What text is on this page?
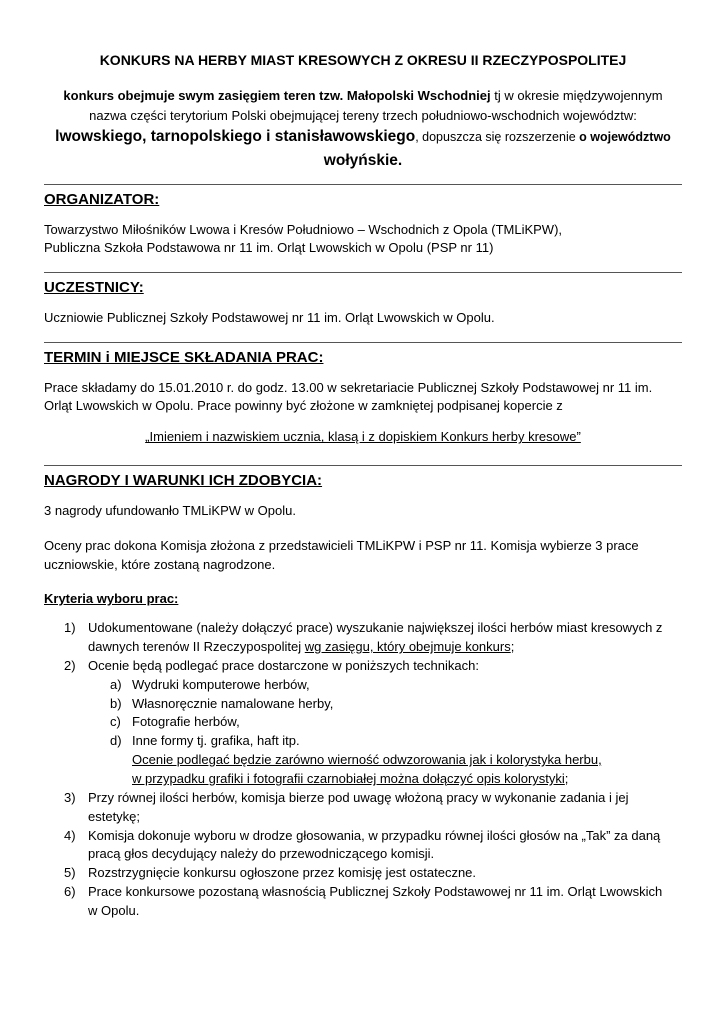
KONKURS NA HERBY MIAST KRESOWYCH Z OKRESU II RZECZYPOSPOLITEJ
konkurs obejmuje swym zasięgiem teren tzw. Małopolski Wschodniej tj w okresie międzywojennym
nazwa części terytorium Polski obejmującej tereny trzech południowo-wschodnich województw:
lwowskiego, tarnopolskiego i stanisławowskiego, dopuszcza się rozszerzenie o województwo
wołyńskie.
ORGANIZATOR:

Towarzystwo Miłośników Lwowa i Kresów Południowo – Wschodnich z Opola (TMLiKPW),

Publiczna Szkoła Podstawowa nr 11 im. Orląt Lwowskich w Opolu (PSP nr 11)

UCZESTNICY:

Uczniowie Publicznej Szkoły Podstawowej nr 11 im. Orląt Lwowskich w Opolu.

TERMIN i MIEJSCE SKŁADANIA PRAC:

Prace składamy do 15.01.2010 r. do godz. 13.00 w sekretariacie Publicznej Szkoły Podstawowej nr 11 im.

Orląt Lwowskich w Opolu. Prace powinny być złożone w zamkniętej podpisanej kopercie z

„Imieniem i nazwiskiem ucznia, klasą i z dopiskiem Konkurs herby kresowe”
NAGRODY I WARUNKI ICH ZDOBYCIA:

3 nagrody ufundowanło TMLiKPW w Opolu.

Oceny prac dokona Komisja złożona z przedstawicieli TMLiKPW i PSP nr 11. Komisja wybierze 3 prace

uczniowskie, które zostaną nagrodzone.

Kryteria wyboru prac:
1) Udokumentowane (należy dołączyć prace) wyszukanie największej ilości herbów miast kresowych z
dawnych terenów II Rzeczypospolitej wg zasięgu, który obejmuje konkurs;
2) Ocenie będą podlegać prace dostarczone w poniższych technikach:
a) Wydruki komputerowe herbów,
b) Własnoręcznie namalowane herby,
c) Fotografie herbów,
d) Inne formy tj. grafika, haft itp.
Ocenie podlegać będzie zarówno wierność odwzorowania jak i kolorystyka herbu,
w przypadku grafiki i fotografii czarnobiałej można dołączyć opis kolorystyki;
3) Przy równej ilości herbów, komisja bierze pod uwagę włożoną pracy w wykonanie zadania i jej
estetykę;
4) Komisja dokonuje wyboru w drodze głosowania, w przypadku równej ilości głosów na „Tak” za daną
pracą głos decydujący należy do przewodniczącego komisji.
5) Rozstrzygnięcie konkursu ogłoszone przez komisję jest ostateczne.
6) Prace konkursowe pozostaną własnością Publicznej Szkoły Podstawowej nr 11 im. Orląt Lwowskich
w Opolu.
